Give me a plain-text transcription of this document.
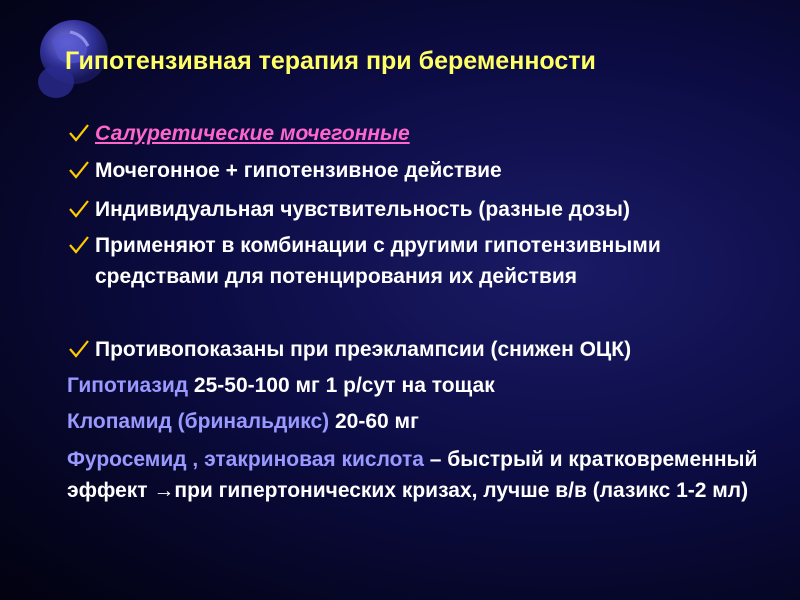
Гипотензивная терапия при беременности
Салуретические мочегонные
Мочегонное + гипотензивное действие
Индивидуальная чувствительность (разные дозы)
Применяют в комбинации с другими гипотензивными средствами для потенцирования их действия
Противопоказаны при преэклампсии (снижен ОЦК)
Гипотиазид 25-50-100 мг 1 р/сут на тощак
Клопамид (бринальдикс) 20-60 мг
Фуросемид , этакриновая кислота – быстрый и кратковременный эффект →при гипертонических кризах, лучше в/в (лазикс 1-2 мл)
